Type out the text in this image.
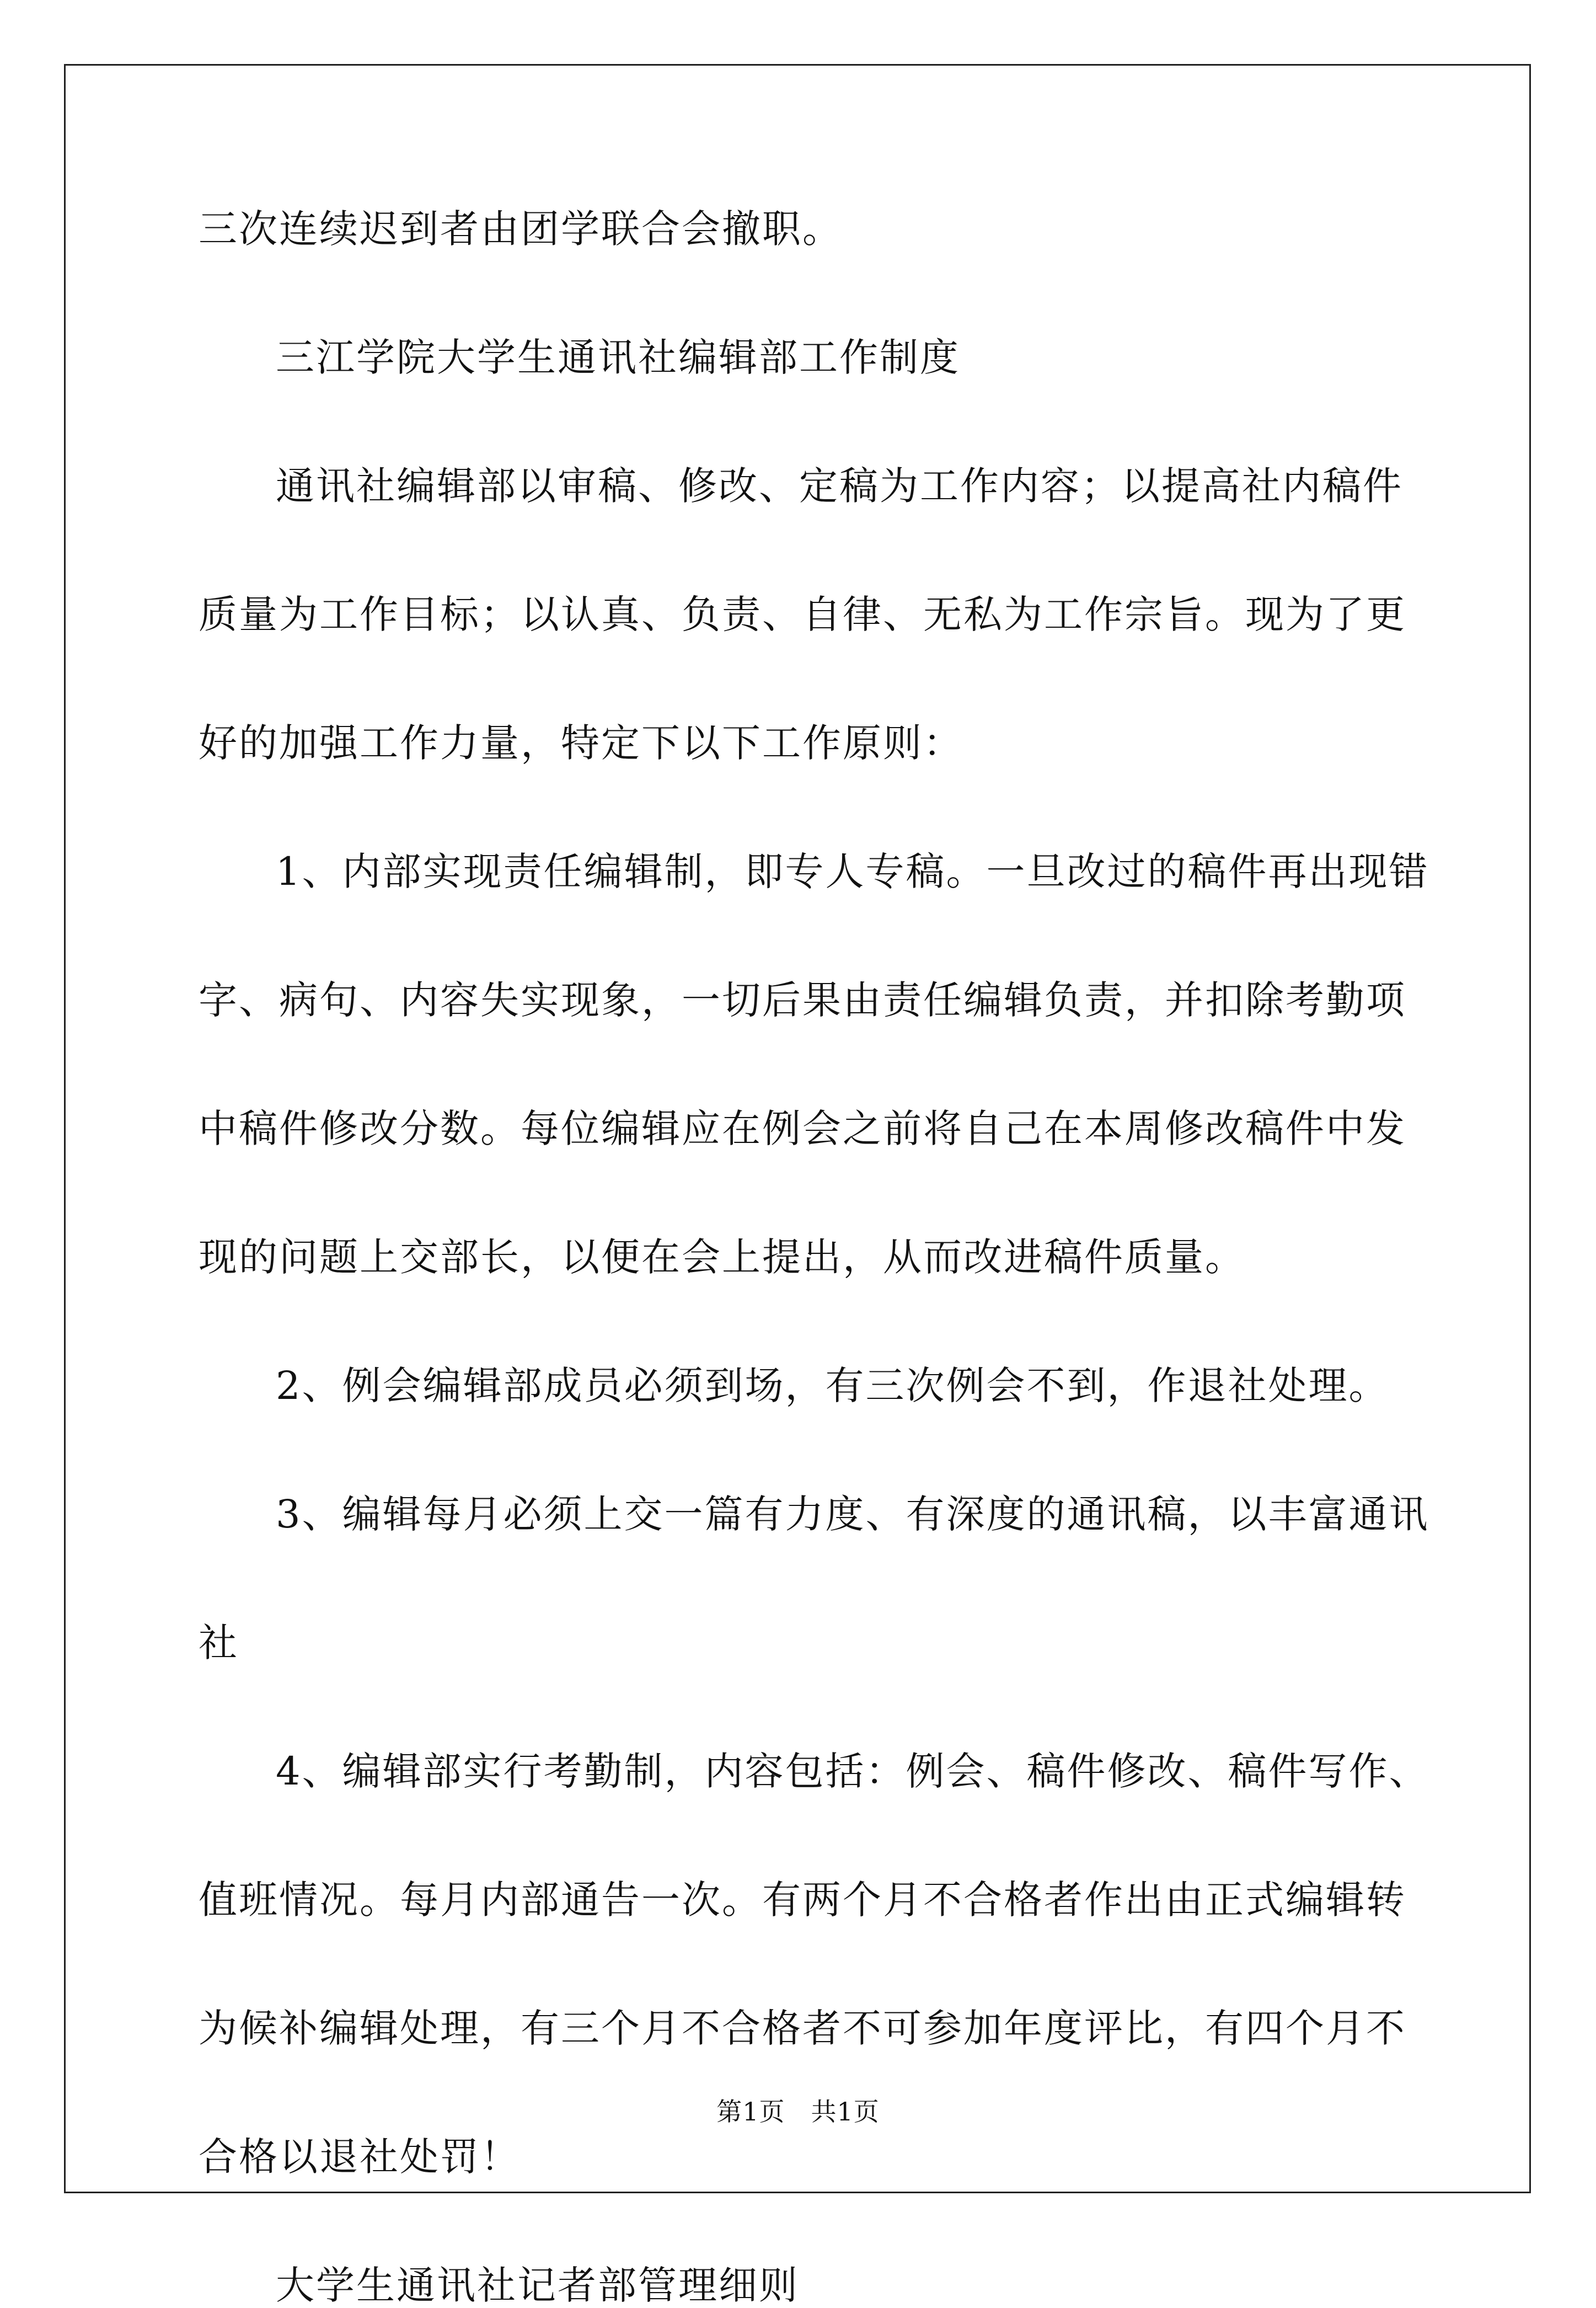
三次连续迟到者由团学联合会撤职。
三江学院大学生通讯社编辑部工作制度
通讯社编辑部以审稿、修改、定稿为工作内容；以提高社内稿件
质量为工作目标；以认真、负责、自律、无私为工作宗旨。现为了更
好的加强工作力量，特定下以下工作原则：
1、内部实现责任编辑制，即专人专稿。一旦改过的稿件再出现错
字、病句、内容失实现象，一切后果由责任编辑负责，并扣除考勤项
中稿件修改分数。每位编辑应在例会之前将自己在本周修改稿件中发
现的问题上交部长，以便在会上提出，从而改进稿件质量。
2、例会编辑部成员必须到场，有三次例会不到，作退社处理。
3、编辑每月必须上交一篇有力度、有深度的通讯稿，以丰富通讯
社
4、编辑部实行考勤制，内容包括：例会、稿件修改、稿件写作、
值班情况。每月内部通告一次。有两个月不合格者作出由正式编辑转
为候补编辑处理，有三个月不合格者不可参加年度评比，有四个月不
合格以退社处罚！
大学生通讯社记者部管理细则
第1页　共1页
